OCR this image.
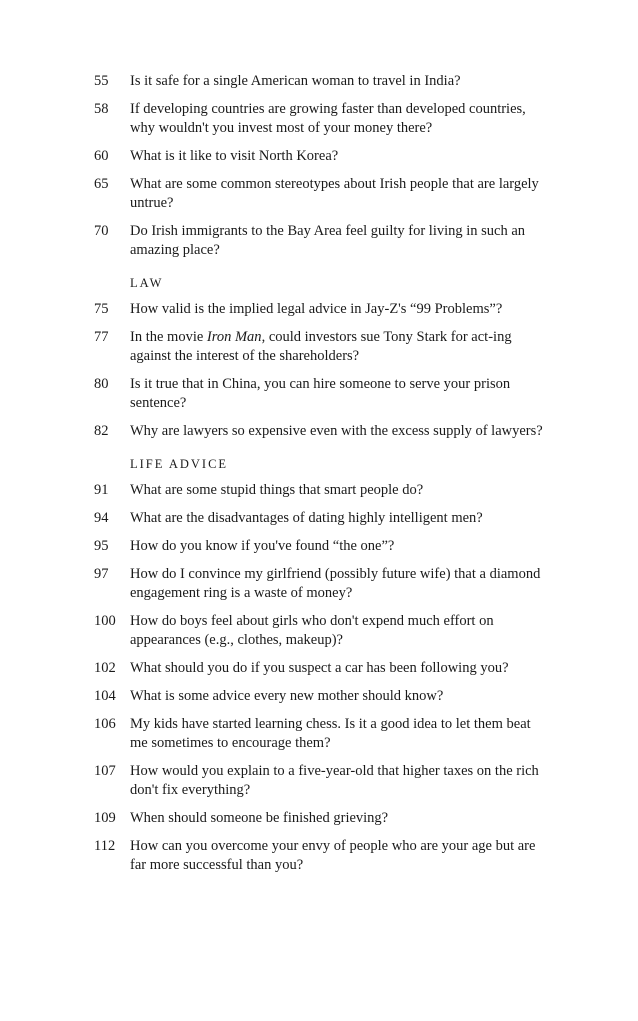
55	Is it safe for a single American woman to travel in India?
58	If developing countries are growing faster than developed countries, why wouldn't you invest most of your money there?
60	What is it like to visit North Korea?
65	What are some common stereotypes about Irish people that are largely untrue?
70	Do Irish immigrants to the Bay Area feel guilty for living in such an amazing place?
LAW
75	How valid is the implied legal advice in Jay-Z's “99 Problems”?
77	In the movie Iron Man, could investors sue Tony Stark for act-ing against the interest of the shareholders?
80	Is it true that in China, you can hire someone to serve your prison sentence?
82	Why are lawyers so expensive even with the excess supply of lawyers?
LIFE ADVICE
91	What are some stupid things that smart people do?
94	What are the disadvantages of dating highly intelligent men?
95	How do you know if you've found “the one”?
97	How do I convince my girlfriend (possibly future wife) that a diamond engagement ring is a waste of money?
100 How do boys feel about girls who don't expend much effort on appearances (e.g., clothes, makeup)?
102 What should you do if you suspect a car has been following you?
104 What is some advice every new mother should know?
106 My kids have started learning chess. Is it a good idea to let them beat me sometimes to encourage them?
107 How would you explain to a five-year-old that higher taxes on the rich don't fix everything?
109 When should someone be finished grieving?
112	How can you overcome your envy of people who are your age but are far more successful than you?
